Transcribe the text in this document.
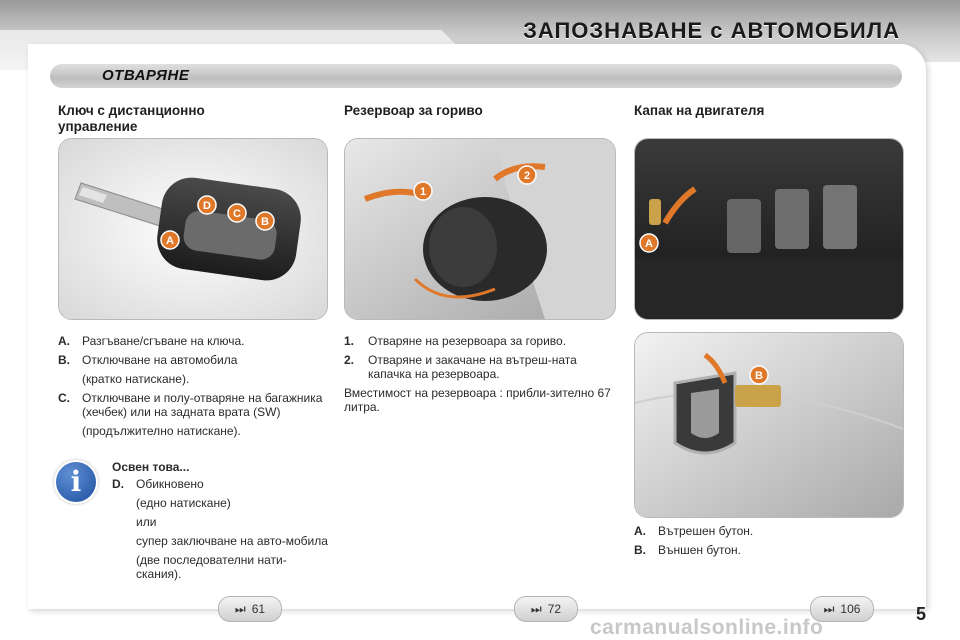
ЗАПОЗНАВАНЕ с АВТОМОБИЛА
ОТВАРЯНЕ
Ключ с дистанционно управление
Резервоар за гориво	Капак на двигателя
D
C
B
A
1
2
A
B
A.	Разгъване/сгъване на ключа.
B.	Отключване на автомобила
(кратко натискане).
C.	Отключване и полу-отваряне на багажника (хечбек) или на задната врата (SW)
(продължително натискане).
i	Освен това...
D.	Обикновено
(едно натискане)
или
супер заключване на авто-мобила
(две последователни нати-скания).
1.	Отваряне на резервоара за гориво.
2.	Отваряне и закачане на вътреш-ната капачка на резервоара.
Вместимост на резервоара : прибли-зително 67 литра.
A.	Вътрешен бутон.
B.	Външен бутон.
⏭ 61	⏭ 72	⏭ 106	5
carmanualsonline.info
